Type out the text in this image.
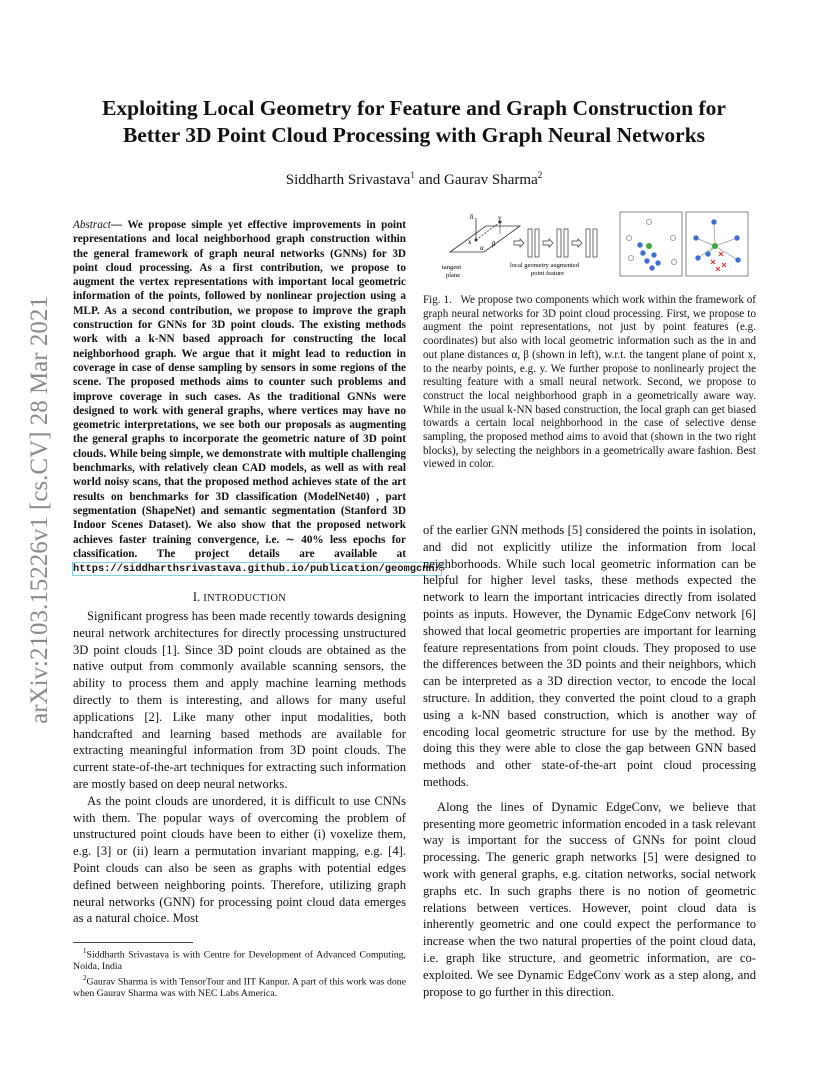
arXiv:2103.15226v1 [cs.CV] 28 Mar 2021
Exploiting Local Geometry for Feature and Graph Construction for
Better 3D Point Cloud Processing with Graph Neural Networks
Siddharth Srivastava$^1$ and Gaurav Sharma$^2$
Abstract— We propose simple yet effective improvements in point representations and local neighborhood graph construction within the general framework of graph neural networks (GNNs) for 3D point cloud processing. As a first contribution, we propose to augment the vertex representations with important local geometric information of the points, followed by nonlinear projection using a MLP. As a second contribution, we propose to improve the graph construction for GNNs for 3D point clouds. The existing methods work with a k-NN based approach for constructing the local neighborhood graph. We argue that it might lead to reduction in coverage in case of dense sampling by sensors in some regions of the scene. The proposed methods aims to counter such problems and improve coverage in such cases. As the traditional GNNs were designed to work with general graphs, where vertices may have no geometric interpretations, we see both our proposals as augmenting the general graphs to incorporate the geometric nature of 3D point clouds. While being simple, we demonstrate with multiple challenging benchmarks, with relatively clean CAD models, as well as with real world noisy scans, that the proposed method achieves state of the art results on benchmarks for 3D classification (ModelNet40) , part segmentation (ShapeNet) and semantic segmentation (Stanford 3D Indoor Scenes Dataset). We also show that the proposed network achieves faster training convergence, i.e. ∼ 40% less epochs for classification. The project details are available at https://siddharthsrivastava.github.io/publication/geomgcnn/
I. INTRODUCTION

Significant progress has been made recently towards designing neural network architectures for directly processing unstructured 3D point clouds [1]. Since 3D point clouds are obtained as the native output from commonly available scanning sensors, the ability to process them and apply machine learning methods directly to them is interesting, and allows for many useful applications [2]. Like many other input modalities, both handcrafted and learning based methods are available for extracting meaningful information from 3D point clouds. The current state-of-the-art techniques for extracting such information are mostly based on deep neural networks.

As the point clouds are unordered, it is difficult to use CNNs with them. The popular ways of overcoming the problem of unstructured point clouds have been to either (i) voxelize them, e.g. [3] or (ii) learn a permutation invariant mapping, e.g. [4]. Point clouds can also be seen as graphs with potential edges defined between neighboring points. Therefore, utilizing graph neural networks (GNN) for processing point cloud data emerges as a natural choice. Most

$^1$Siddharth Srivastava is with Centre for Development of Advanced Computing, Noida, India

$^2$Gaurav Sharma is with TensorTour and IIT Kanpur. A part of this work was done when Gaurav Sharma was with NEC Labs America.

n̂	y
x
α β
tangent
plane
local geometry augmented
point feature
Fig. 1. We propose two components which work within the framework of graph neural networks for 3D point cloud processing. First, we propose to augment the point representations, not just by point features (e.g. coordinates) but also with local geometric information such as the in and out plane distances α, β (shown in left), w.r.t. the tangent plane of point x, to the nearby points, e.g. y. We further propose to nonlinearly project the resulting feature with a small neural network. Second, we propose to construct the local neighborhood graph in a geometrically aware way. While in the usual k-NN based construction, the local graph can get biased towards a certain local neighborhood in the case of selective dense sampling, the proposed method aims to avoid that (shown in the two right blocks), by selecting the neighbors in a geometrically aware fashion. Best viewed in color.

of the earlier GNN methods [5] considered the points in isolation, and did not explicitly utilize the information from local neighborhoods. While such local geometric information can be helpful for higher level tasks, these methods expected the network to learn the important intricacies directly from isolated points as inputs. However, the Dynamic EdgeConv network [6] showed that local geometric properties are important for learning feature representations from point clouds. They proposed to use the differences between the 3D points and their neighbors, which can be interpreted as a 3D direction vector, to encode the local structure. In addition, they converted the point cloud to a graph using a k-NN based construction, which is another way of encoding local geometric structure for use by the method. By doing this they were able to close the gap between GNN based methods and other state-of-the-art point cloud processing methods.

Along the lines of Dynamic EdgeConv, we believe that presenting more geometric information encoded in a task relevant way is important for the success of GNNs for point cloud processing. The generic graph networks [5] were designed to work with general graphs, e.g. citation networks, social network graphs etc. In such graphs there is no notion of geometric relations between vertices. However, point cloud data is inherently geometric and one could expect the performance to increase when the two natural properties of the point cloud data, i.e. graph like structure, and geometric information, are co-exploited. We see Dynamic EdgeConv work as a step along, and propose to go further in this direction.
